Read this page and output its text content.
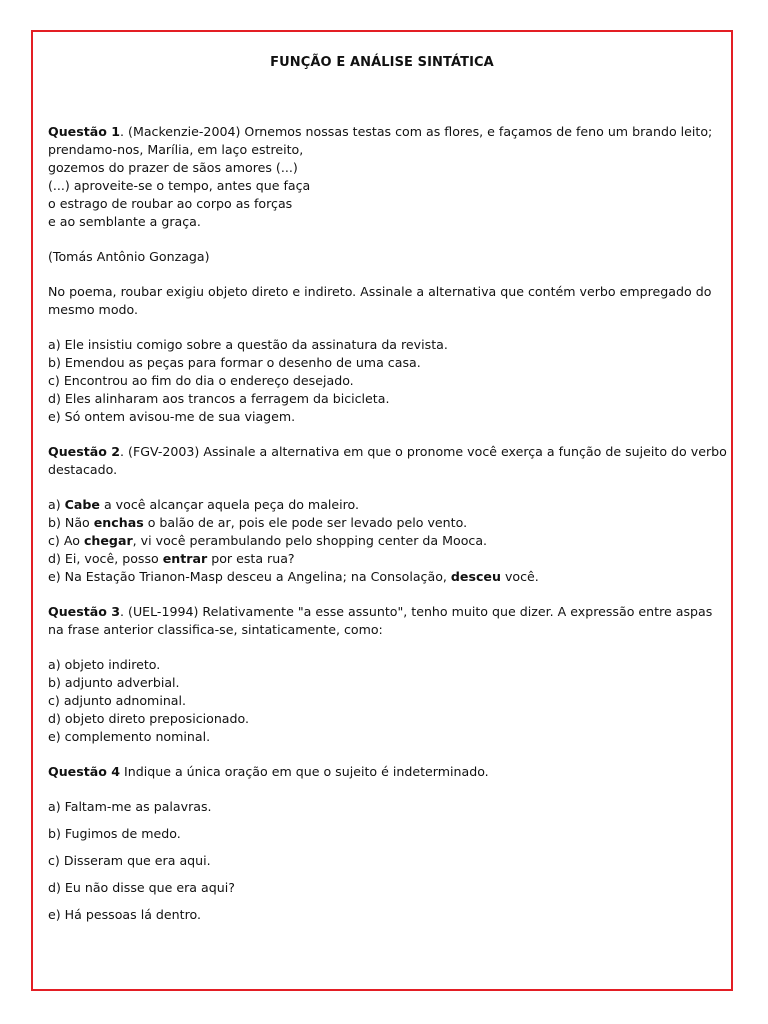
FUNÇÃO E ANÁLISE SINTÁTICA

Questão 1. (Mackenzie-2004) Ornemos nossas testas com as flores, e façamos de feno um brando leito;

prendamo-nos, Marília, em laço estreito,

gozemos do prazer de sãos amores (...)

(...) aproveite-se o tempo, antes que faça

o estrago de roubar ao corpo as forças

e ao semblante a graça.

(Tomás Antônio Gonzaga)

No poema, roubar exigiu objeto direto e indireto. Assinale a alternativa que contém verbo empregado do mesmo modo.

a) Ele insistiu comigo sobre a questão da assinatura da revista.

b) Emendou as peças para formar o desenho de uma casa.

c) Encontrou ao fim do dia o endereço desejado.

d) Eles alinharam aos trancos a ferragem da bicicleta.

e) Só ontem avisou-me de sua viagem.

Questão 2. (FGV-2003) Assinale a alternativa em que o pronome você exerça a função de sujeito do verbo destacado.

a) Cabe a você alcançar aquela peça do maleiro.

b) Não enchas o balão de ar, pois ele pode ser levado pelo vento.

c) Ao chegar, vi você perambulando pelo shopping center da Mooca.

d) Ei, você, posso entrar por esta rua?

e) Na Estação Trianon-Masp desceu a Angelina; na Consolação, desceu você.

Questão 3. (UEL-1994) Relativamente "a esse assunto", tenho muito que dizer. A expressão entre aspas na frase anterior classifica-se, sintaticamente, como:

a) objeto indireto.

b) adjunto adverbial.

c) adjunto adnominal.

d) objeto direto preposicionado.

e) complemento nominal.

Questão 4 Indique a única oração em que o sujeito é indeterminado.

a) Faltam-me as palavras.

b) Fugimos de medo.

c) Disseram que era aqui.

d) Eu não disse que era aqui?

e) Há pessoas lá dentro.
